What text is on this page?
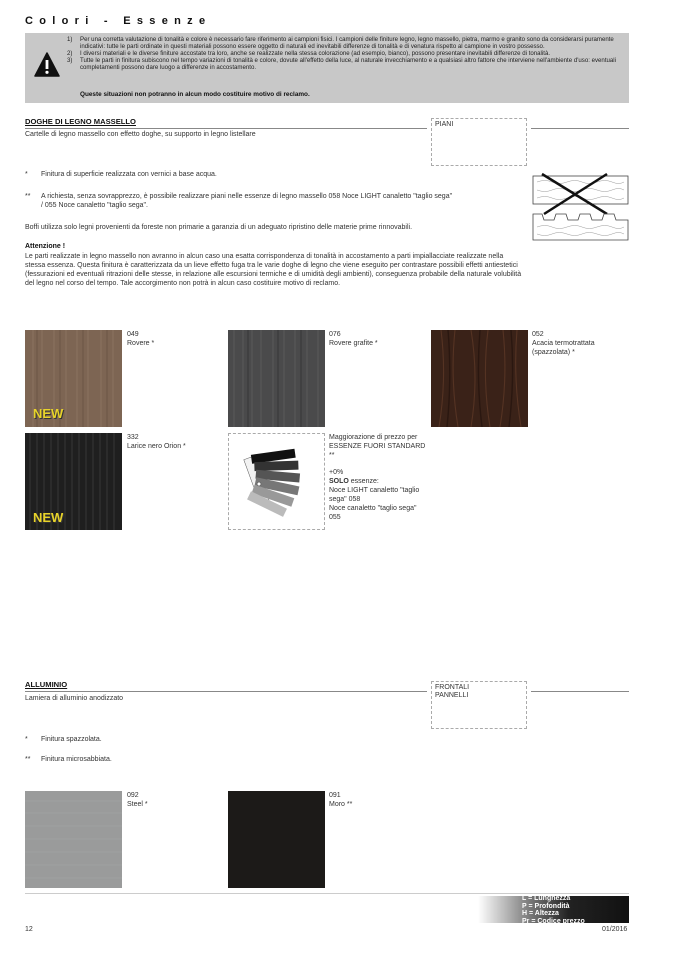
Colori - Essenze
1)	Per una corretta valutazione di tonalità e colore è necessario fare riferimento ai campioni fisici. I campioni delle finiture legno, legno massello, pietra, marmo e granito sono da considerarsi puramente indicativi: tutte le parti ordinate in questi materiali possono essere oggetto di naturali ed inevitabili differenze di tonalità e di venatura rispetto al campione in vostro possesso.
2)	I diversi materiali e le diverse finiture accostate tra loro, anche se realizzate nella stessa colorazione (ad esempio, bianco), possono presentare inevitabili differenze di tonalità.
3)	Tutte le parti in finitura subiscono nel tempo variazioni di tonalità e colore, dovute all'effetto della luce, al naturale invecchiamento e a qualsiasi altro fattore che interviene nell'ambiente d'uso: eventuali completamenti possono dare luogo a differenze in accostamento.
Queste situazioni non potranno in alcun modo costituire motivo di reclamo.
DOGHE DI LEGNO MASSELLO
Cartelle di legno massello con effetto doghe, su supporto in legno listellare
PIANI
* Finitura di superficie realizzata con vernici a base acqua.
** A richiesta, senza sovrapprezzo, è possibile realizzare piani nelle essenze di legno massello 058 Noce LIGHT canaletto "taglio sega"
/ 055 Noce canaletto "taglio sega".
Boffi utilizza solo legni provenienti da foreste non primarie a garanzia di un adeguato ripristino delle materie prime rinnovabili.
Attenzione !
Le parti realizzate in legno massello non avranno in alcun caso una esatta corrispondenza di tonalità in accostamento a parti impiallacciate realizzate nella stessa essenza. Questa finitura è caratterizzata da un lieve effetto fuga tra le varie doghe di legno che viene eseguito per contrastare possibili effetti antiestetici (fessurazioni ed eventuali ritrazioni delle stesse, in relazione alle escursioni termiche e di umidità degli ambienti), conseguenza probabile della naturale volubilità del legno nel corso del tempo. Tale accorgimento non potrà in alcun caso costituire motivo di reclamo.
NEW
049
Rovere *
076
Rovere grafite *
052
Acacia termotrattata (spazzolata) *
NEW
332
Larice nero Orion *
Maggiorazione di prezzo per ESSENZE FUORI STANDARD **
+0%
SOLO essenze:
Noce LIGHT canaletto "taglio sega" 058
Noce canaletto "taglio sega" 055
ALLUMINIO
Lamiera di alluminio anodizzato
FRONTALI
PANNELLI
* Finitura spazzolata.
** Finitura microsabbiata.
092
Steel *
091
Moro **
L = Lunghezza
P = Profondità
H = Altezza
Pr = Codice prezzo
12	01/2016
